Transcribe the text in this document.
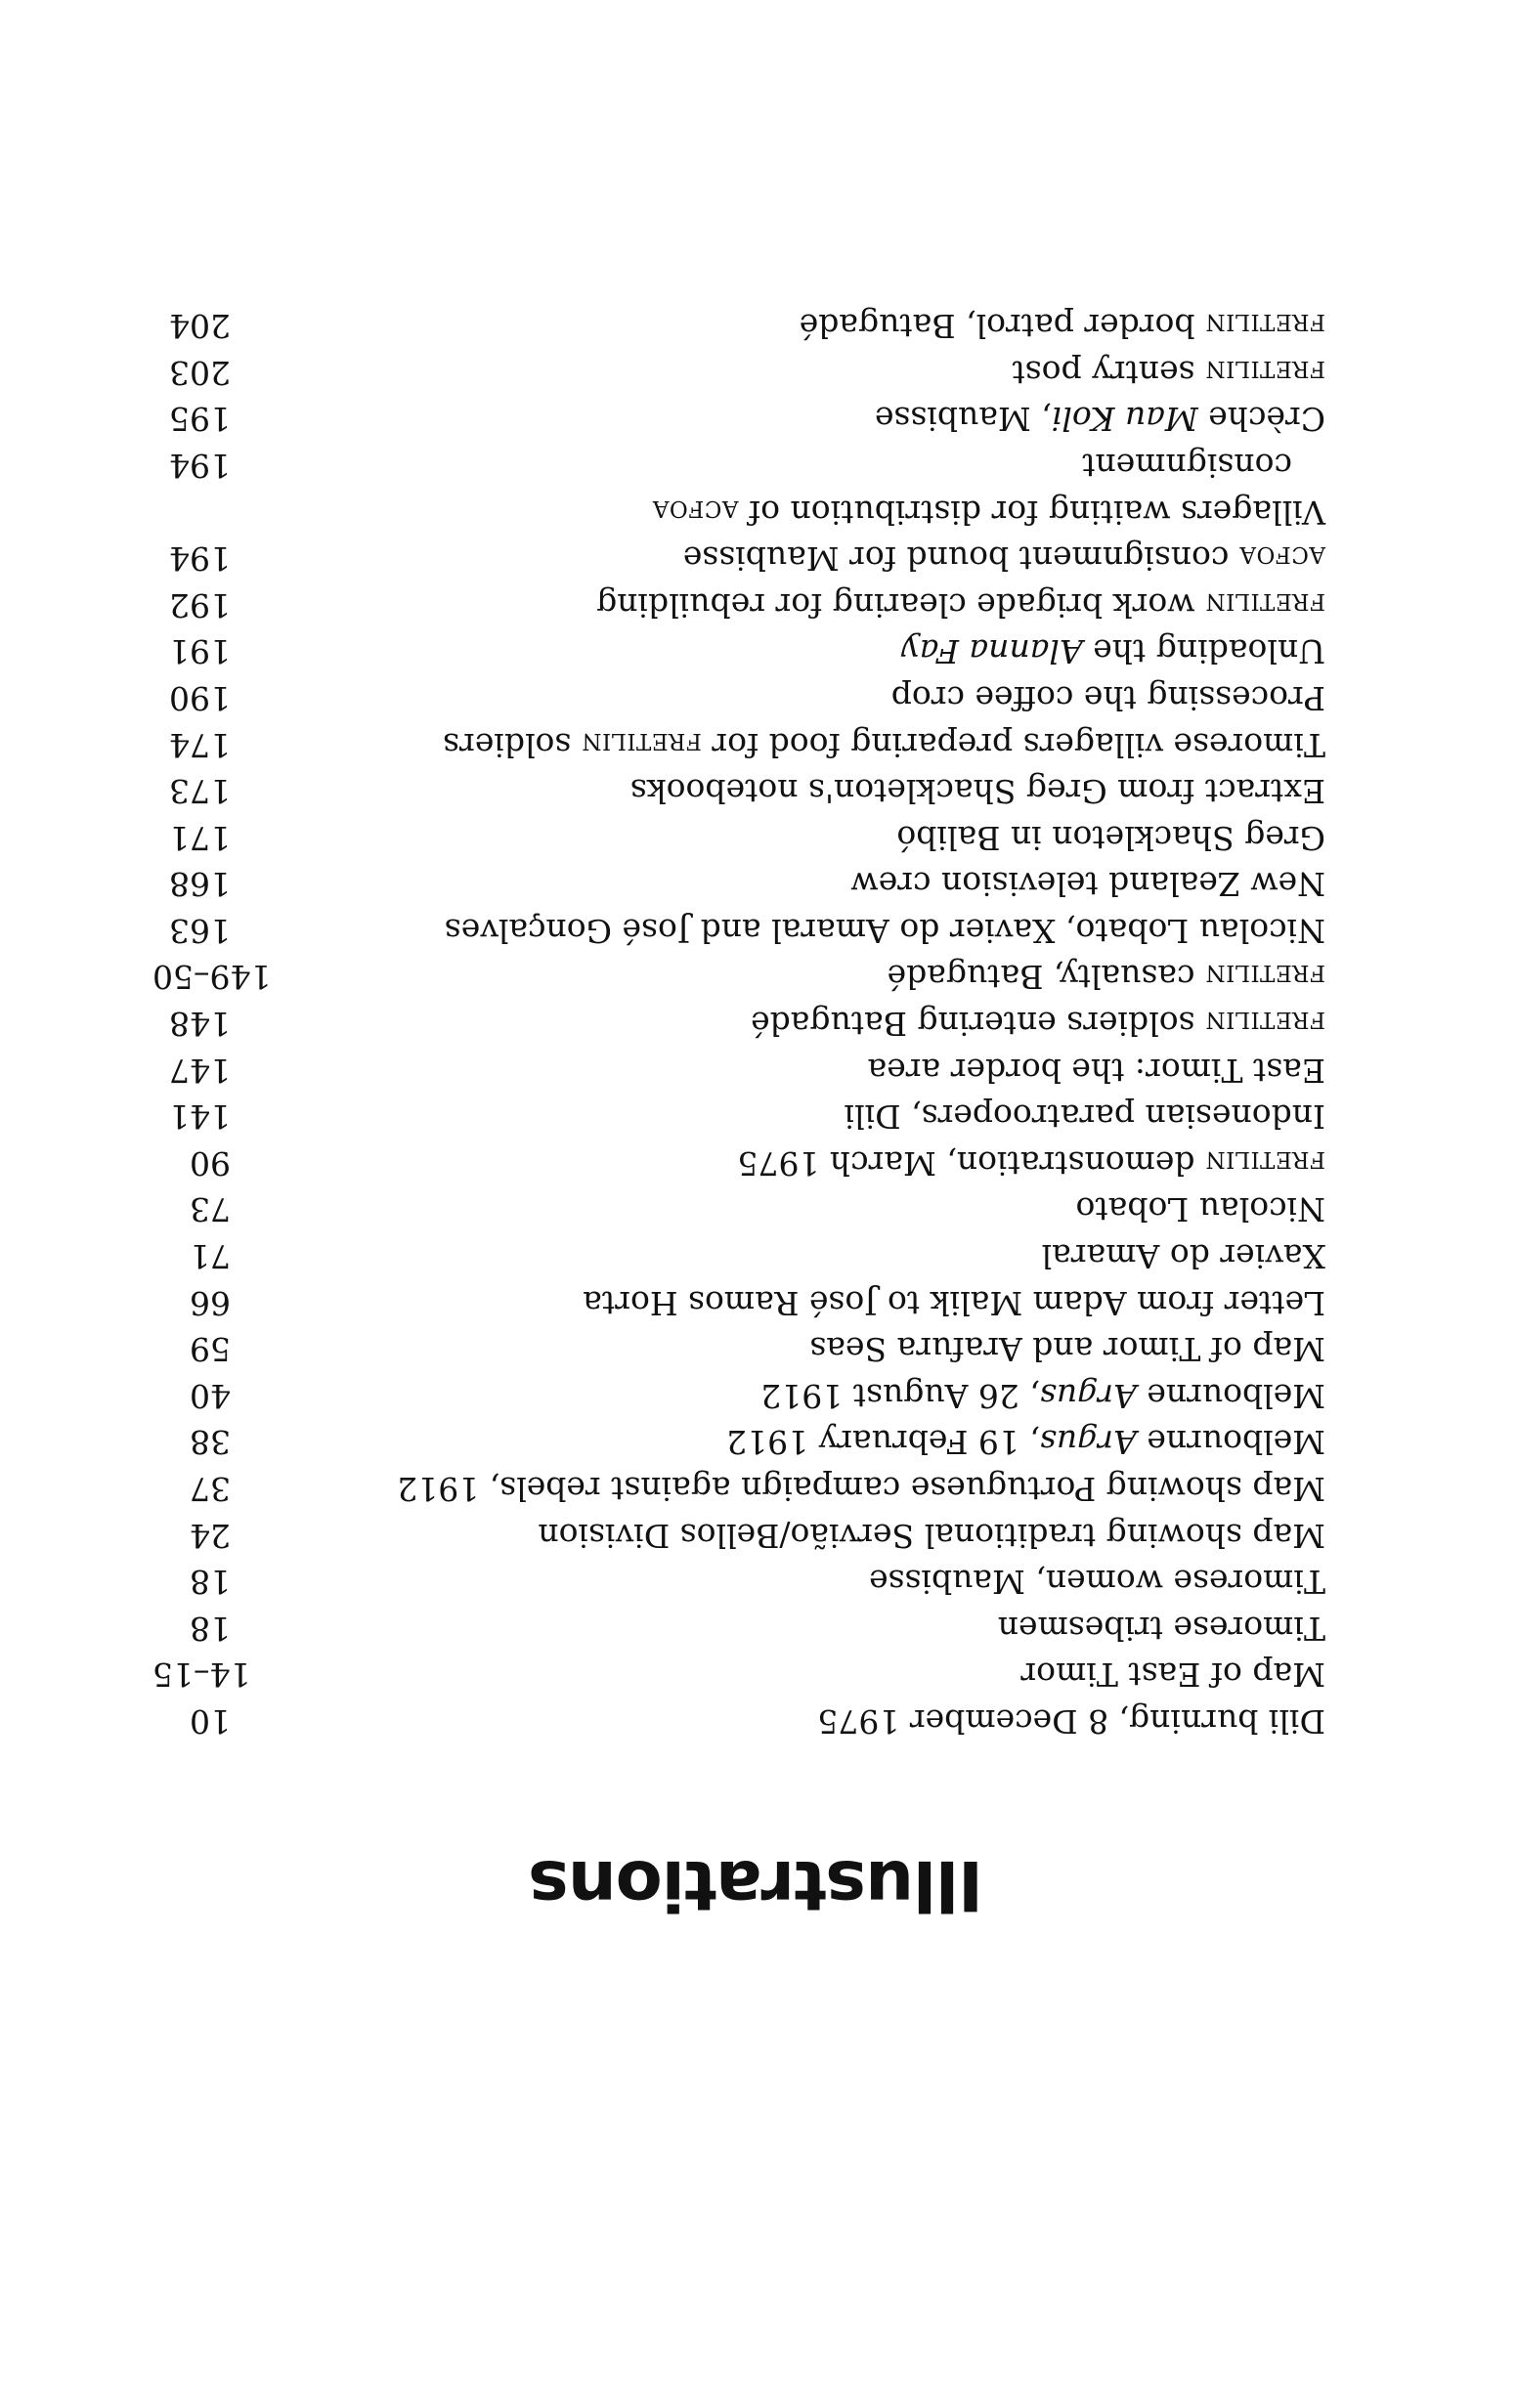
Illustrations
Dili burning, 8 December 1975
10
Map of East Timor
14–15
Timorese tribesmen
18
Timorese women, Maubisse
18
Map showing traditional Servião/Bellos Division
24
Map showing Portuguese campaign against rebels, 1912
37
Melbourne Argus, 19 February 1912
38
Melbourne Argus, 26 August 1912
40
Map of Timor and Arafura Seas
59
Letter from Adam Malik to José Ramos Horta
66
Xavier do Amaral
71
Nicolau Lobato
73
fretilin demonstration, March 1975
90
Indonesian paratroopers, Dili
141
East Timor: the border area
147
fretilin soldiers entering Batugadé
148
fretilin casualty, Batugadé
149–50
Nicolau Lobato, Xavier do Amaral and José Gonçalves
163
New Zealand television crew
168
Greg Shackleton in Balibó
171
Extract from Greg Shackleton's notebooks
173
Timorese villagers preparing food for fretilin soldiers
174
Processing the coffee crop
190
Unloading the Alanna Fay
191
fretilin work brigade clearing for rebuilding
192
acfoa consignment bound for Maubisse
194
Villagers waiting for distribution of acfoa
consignment
194
Crèche Mau Koli, Maubisse
195
fretilin sentry post
203
fretilin border patrol, Batugadé
204
